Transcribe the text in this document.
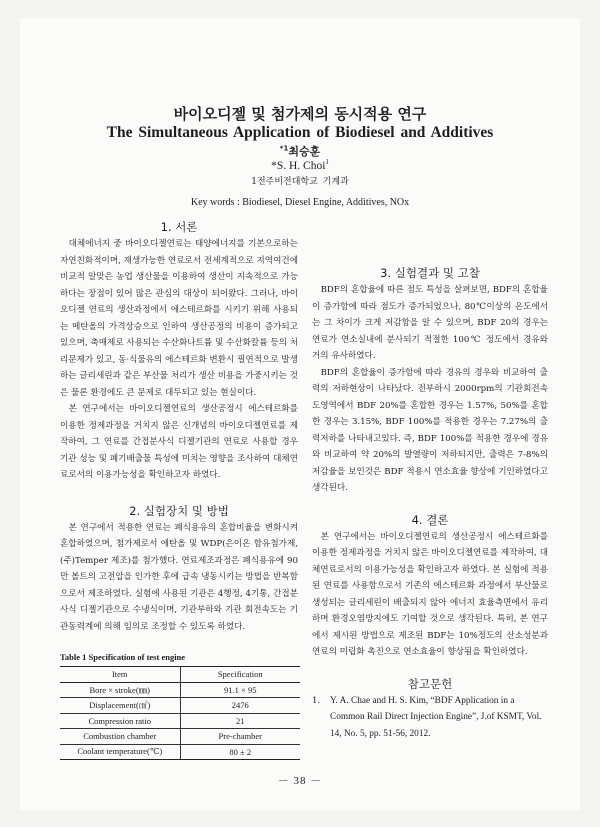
바이오디젤 및 첨가제의 동시적용 연구
The Simultaneous Application of Biodiesel and Additives
$^{*1}$최승훈
*S. H. Choi$^1$
1전주비전대학교 기계과
Key words : Biodiesel, Diesel Engine, Additives, NOx
1. 서론

대체에너지 중 바이오디젤연료는 태양에너지를 기본으로하는 자연친화적이며, 재생가능한 연료로서 전세계적으로 지역여건에 비교적 알맞은 농업 생산물을 이용하여 생산이 지속적으로 가능하다는 장점이 있어 많은 관심의 대상이 되어왔다. 그러나, 바이오디젤 연료의 생산과정에서 에스테르화를 시키기 위해 사용되는 메탄올의 가격상승으로 인하여 생산공정의 비용이 증가되고 있으며, 축매제로 사용되는 수산화나트륨 및 수산화칼륨 등의 처리문제가 있고, 동·식물유의 에스테르화 변환시 필연적으로 발생하는 글리세린과 같은 부산물 처리가 생산 비용을 가중시키는 것은 물론 환경에도 큰 문제로 대두되고 있는 현실이다.

본 연구에서는 바이오디젤연료의 생산공정시 에스테르화를 이용한 정제과정을 거치지 않은 신개념의 바이오디젤연료를 제작하여, 그 연료를 간접분사식 디젤기관의 연료로 사용할 경우 기관 성능 및 폐기배출물 특성에 미치는 영향을 조사하여 대체연료로서의 이용가능성을 확인하고자 하였다.

2. 실험장치 및 방법

본 연구에서 적용한 연료는 폐식용유의 혼합비율을 변화시켜 혼합하였으며, 첨가제로서 에탄올 및 WDP(은이온 함유첨가제,(주)Temper 제조)를 첨가했다. 연료제조과정은 폐식용유에 90만 볼트의 고전압을 인가한 후에 급속 냉동시키는 방법을 반복함으로서 제조하였다. 실험에 사용된 기관은 4행정, 4기통, 간접분사식 디젤기관으로 수냉식이며, 기관부하와 기관 회전속도는 기관동력계에 의해 임의로 조정할 수 있도록 하였다.

Table 1 Specification of test engine
Item	Specification
Bore × stroke(㎜)	91.1 × 95
Displacement(㎤)	2476
Compression ratio	21
Combustion chamber	Pre-chamber
Coolant temperature(℃)	80 ± 2
3. 실험결과 및 고찰

BDF의 혼합율에 따른 점도 특성을 살펴보면, BDF의 혼합율이 증가함에 따라 점도가 증가되었으나, 80℃이상의 온도에서는 그 차이가 크게 저감함을 알 수 있으며, BDF 20의 경우는 연료가 연소실내에 분사되기 적절한 100℃ 정도에서 경유와 거의 유사하였다.

BDF의 혼합율이 증가함에 따라 경유의 경우와 비교하여 출력의 저하현상이 나타났다. 전부하시 2000rpm의 기관회전속도영역에서 BDF 20%를 혼합한 경우는 1.57%, 50%를 혼합한 경우는 3.15%, BDF 100%를 적용한 경우는 7.27%의 출력저하를 나타내고있다. 즉, BDF 100%를 적용한 경우에 경유와 비교하여 약 20%의 발열량이 저하되지만, 출력은 7-8%의 저감율을 보인것은 BDF 적용시 연소효율 향상에 기인하였다고 생각된다.

4. 결론

본 연구에서는 바이오디젤연료의 생산공정시 에스테르화를 이용한 정제과정을 거치지 않은 바이오디젤연료를 제작하여, 대체연료로서의 이용가능성을 확인하고자 하였다. 본 실험에 적용된 연료를 사용함으로서 기존의 에스테르화 과정에서 부산물로 생성되는 글리세린이 배출되지 않아 에너지 효율측면에서 유리하며 환경오염방지에도 기여할 것으로 생각된다. 특히, 본 연구에서 제시된 방법으로 제조된 BDF는 10%정도의 산소성분과 연료의 미립화 촉진으로 연소효율이 향상됨을 확인하였다.

참고문헌
1.	Y. A. Chae and H. S. Kim, “BDF Application in a Common Rail Direct Injection Engine”, J.of KSMT, Vol. 14, No. 5, pp. 51-56, 2012.
－ 38 －
